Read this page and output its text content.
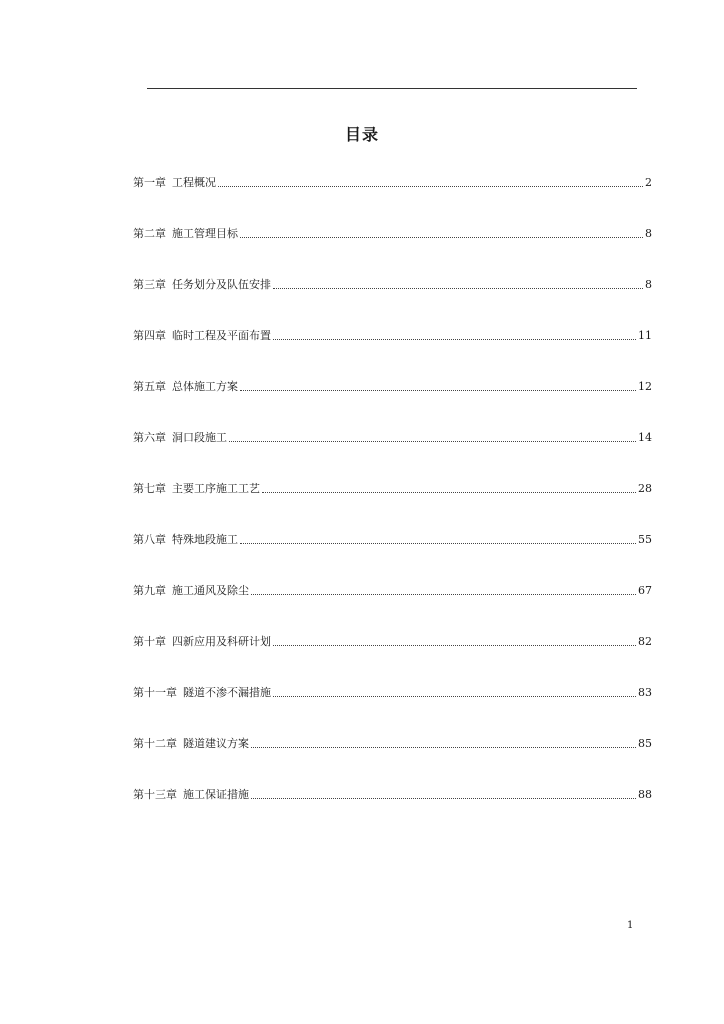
目录
第一章 工程概况	2
第二章 施工管理目标	8
第三章 任务划分及队伍安排	8
第四章 临时工程及平面布置	11
第五章 总体施工方案	12
第六章 洞口段施工	14
第七章 主要工序施工工艺	28
第八章 特殊地段施工	55
第九章 施工通风及除尘	67
第十章 四新应用及科研计划	82
第十一章 隧道不渗不漏措施	83
第十二章 隧道建议方案	85
第十三章 施工保证措施	88
1
